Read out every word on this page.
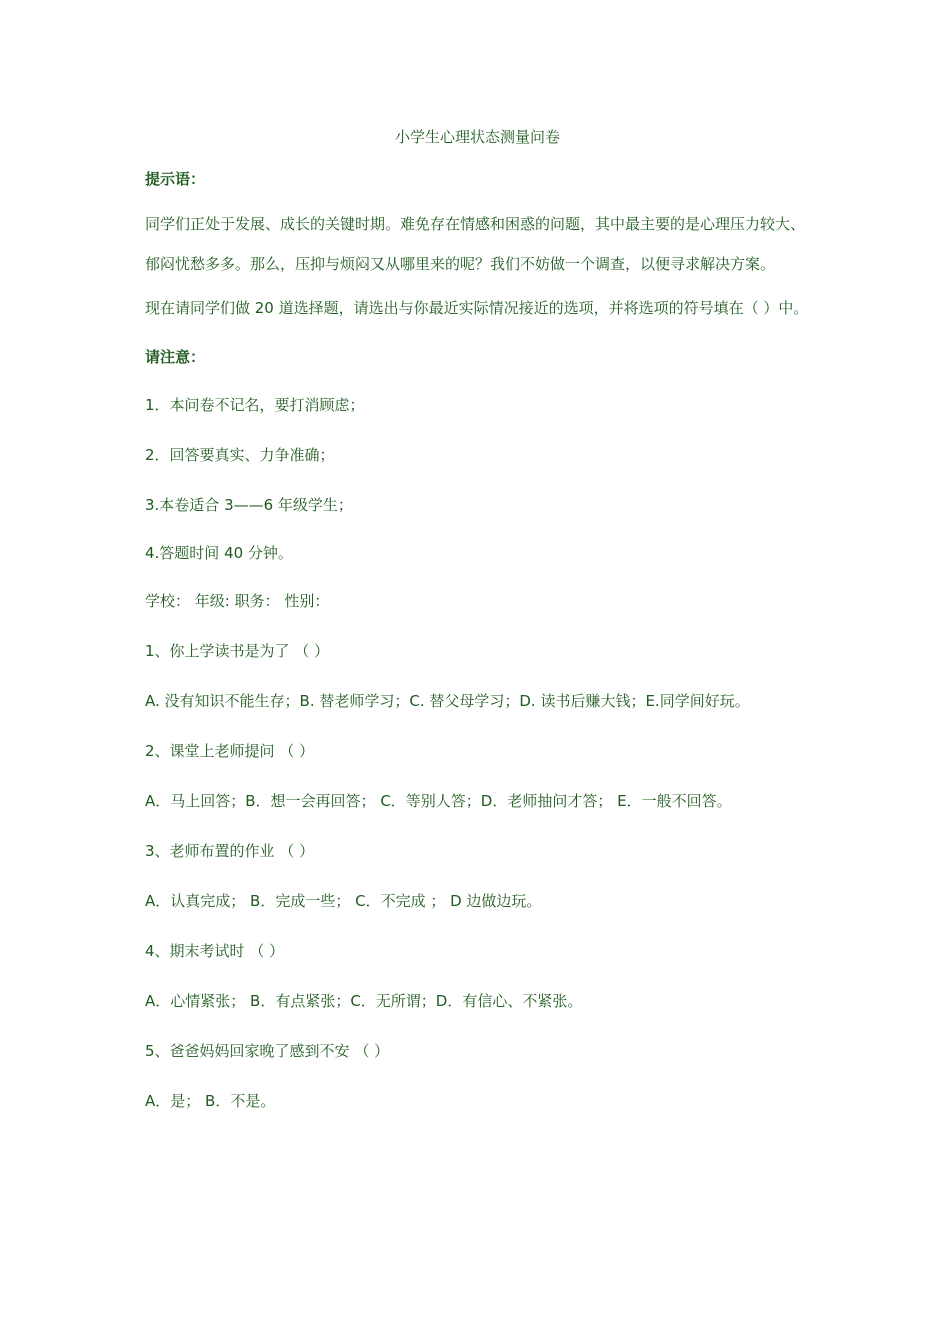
小学生心理状态测量问卷
提示语：
同学们正处于发展、成长的关键时期。难免存在情感和困惑的问题，其中最主要的是心理压力较大、郁闷忧愁多多。那么，压抑与烦闷又从哪里来的呢？我们不妨做一个调查，以便寻求解决方案。
现在请同学们做 20 道选择题，请选出与你最近实际情况接近的选项，并将选项的符号填在（ ）中。
请注意：
1．本问卷不记名，要打消顾虑；
2．回答要真实、力争准确；
3.本卷适合 3——6 年级学生；
4.答题时间 40 分钟。
学校： 年级: 职务： 性别：
1、你上学读书是为了 （ ）
A. 没有知识不能生存；B. 替老师学习；C. 替父母学习；D. 读书后赚大钱；E.同学间好玩。
2、课堂上老师提问 （ ）
A．马上回答；B．想一会再回答； C．等别人答；D．老师抽问才答； E．一般不回答。
3、老师布置的作业 （ ）
A．认真完成； B．完成一些； C．不完成 ； D 边做边玩。
4、期末考试时 （ ）
A．心情紧张； B．有点紧张；C．无所谓；D．有信心、不紧张。
5、爸爸妈妈回家晚了感到不安 （ ）
A．是； B．不是。
